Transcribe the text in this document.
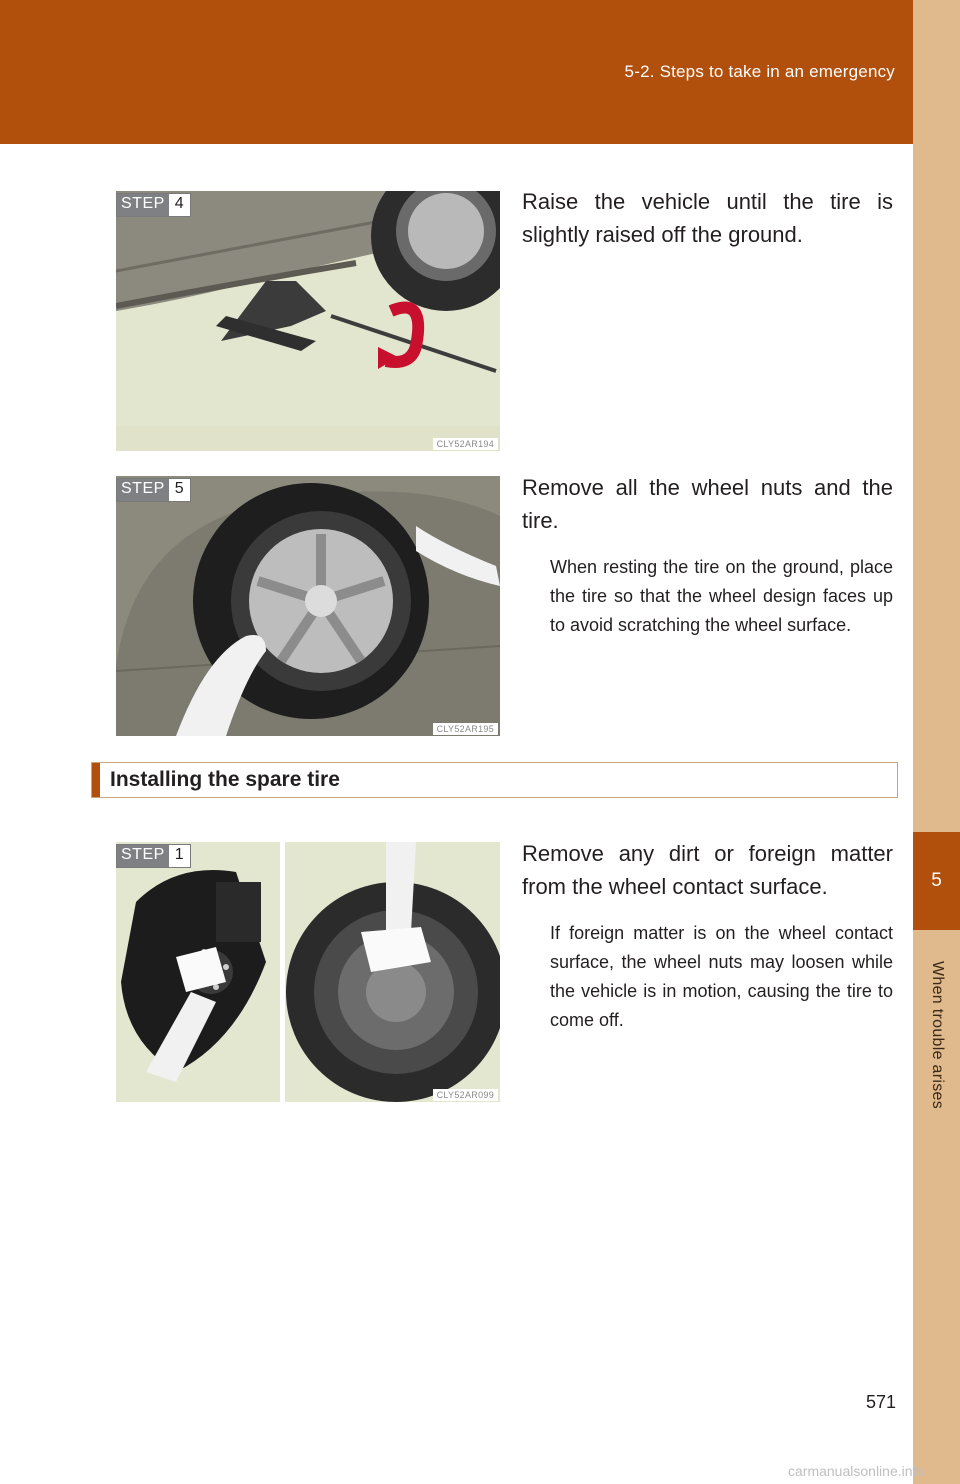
5-2. Steps to take in an emergency
5
When trouble arises
CLY52AR194
STEP 4	Raise the vehicle until the tire is slightly raised off the ground.

CLY52AR195
STEP 5	Remove all the wheel nuts and the tire.

When resting the tire on the ground, place the tire so that the wheel design faces up to avoid scratching the wheel surface.

Installing the spare tire
CLY52AR099
STEP 1	Remove any dirt or foreign matter from the wheel contact surface.

If foreign matter is on the wheel contact surface, the wheel nuts may loosen while the vehicle is in motion, causing the tire to come off.

571
carmanualsonline.info
